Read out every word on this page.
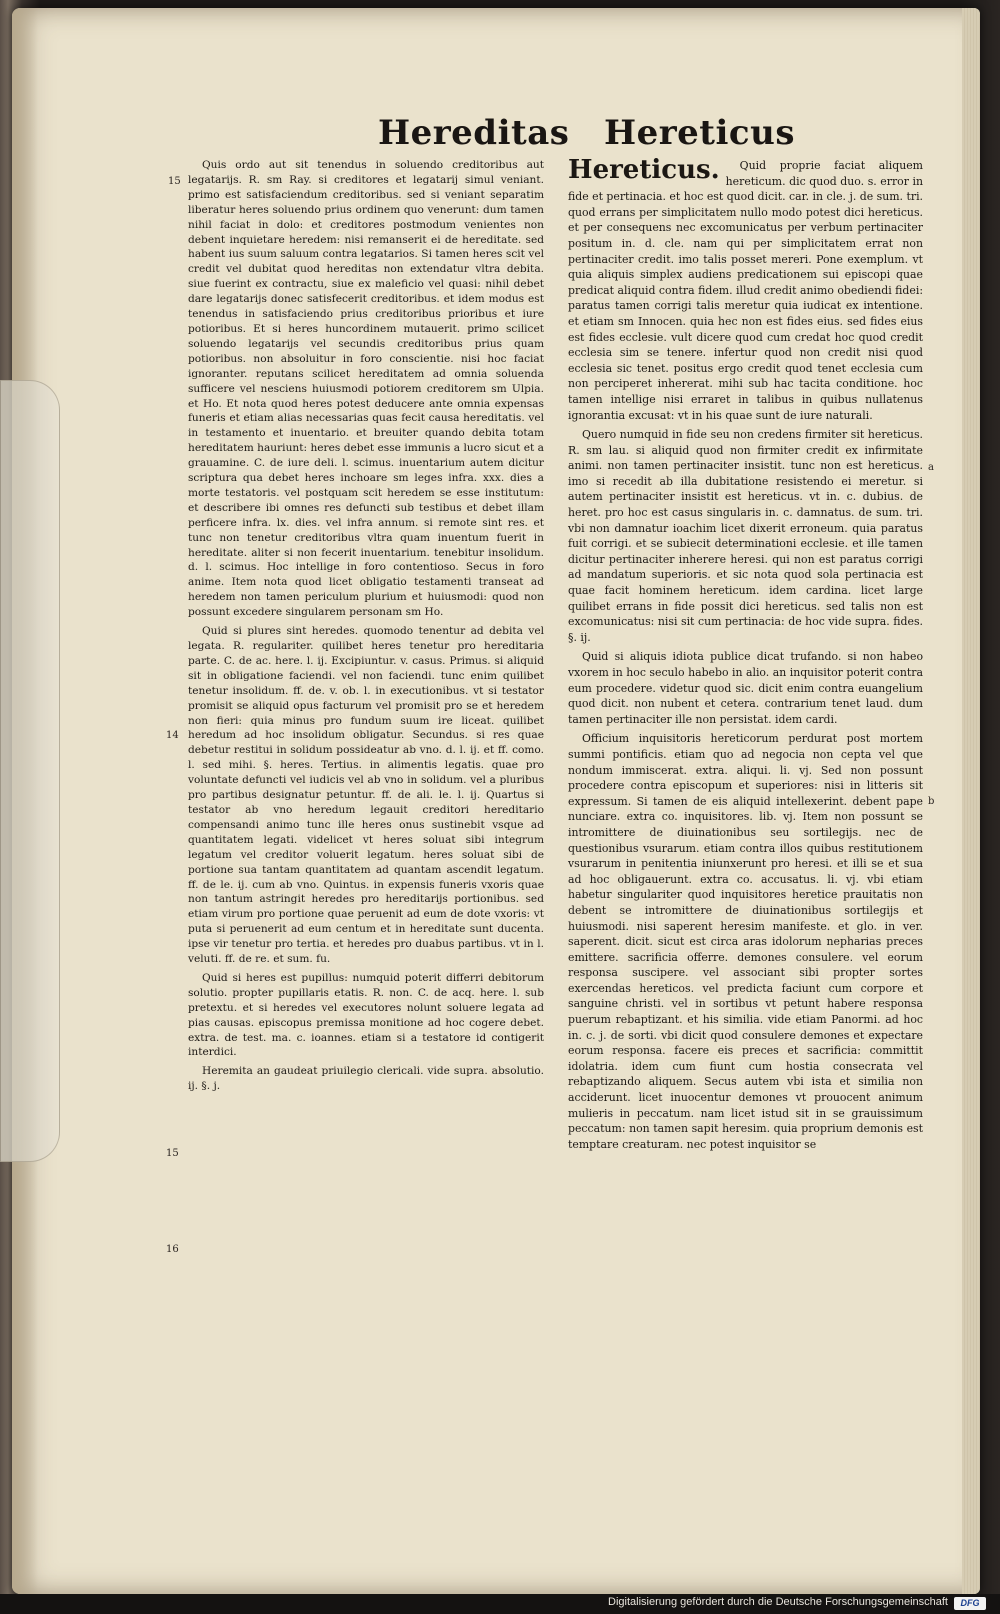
Hereditas Hereticus
15
14
15
16
a
b

Quis ordo aut sit tenendus in soluendo creditoribus aut legatarijs. R. sm Ray. si creditores et legatarij simul veniant. primo est satisfaciendum creditoribus. sed si veniant separatim liberatur heres soluendo prius ordinem quo venerunt: dum tamen nihil faciat in dolo: et creditores postmodum venientes non debent inquietare heredem: nisi remanserit ei de hereditate. sed habent ius suum saluum contra legatarios. Si tamen heres scit vel credit vel dubitat quod hereditas non extendatur vltra debita. siue fuerint ex contractu, siue ex maleficio vel quasi: nihil debet dare legatarijs donec satisfecerit creditoribus. et idem modus est tenendus in satisfaciendo prius creditoribus prioribus et iure potioribus. Et si heres huncordinem mutauerit. primo scilicet soluendo legatarijs vel secundis creditoribus prius quam potioribus. non absoluitur in foro conscientie. nisi hoc faciat ignoranter. reputans scilicet hereditatem ad omnia soluenda sufficere vel nesciens huiusmodi potiorem creditorem sm Ulpia. et Ho. Et nota quod heres potest deducere ante omnia expensas funeris et etiam alias necessarias quas fecit causa hereditatis. vel in testamento et inuentario. et breuiter quando debita totam hereditatem hauriunt: heres debet esse immunis a lucro sicut et a grauamine. C. de iure deli. l. scimus. inuentarium autem dicitur scriptura qua debet heres inchoare sm leges infra. xxx. dies a morte testatoris. vel postquam scit heredem se esse institutum: et describere ibi omnes res defuncti sub testibus et debet illam perficere infra. lx. dies. vel infra annum. si remote sint res. et tunc non tenetur creditoribus vltra quam inuentum fuerit in hereditate. aliter si non fecerit inuentarium. tenebitur insolidum. d. l. scimus. Hoc intellige in foro contentioso. Secus in foro anime. Item nota quod licet obligatio testamenti transeat ad heredem non tamen periculum plurium et huiusmodi: quod non possunt excedere singularem personam sm Ho.

Quid si plures sint heredes. quomodo tenentur ad debita vel legata. R. regulariter. quilibet heres tenetur pro hereditaria parte. C. de ac. here. l. ij. Excipiuntur. v. casus. Primus. si aliquid sit in obligatione faciendi. vel non faciendi. tunc enim quilibet tenetur insolidum. ff. de. v. ob. l. in executionibus. vt si testator promisit se aliquid opus facturum vel promisit pro se et heredem non fieri: quia minus pro fundum suum ire liceat. quilibet heredum ad hoc insolidum obligatur. Secundus. si res quae debetur restitui in solidum possideatur ab vno. d. l. ij. et ff. como. l. sed mihi. §. heres. Tertius. in alimentis legatis. quae pro voluntate defuncti vel iudicis vel ab vno in solidum. vel a pluribus pro partibus designatur petuntur. ff. de ali. le. l. ij. Quartus si testator ab vno heredum legauit creditori hereditario compensandi animo tunc ille heres onus sustinebit vsque ad quantitatem legati. videlicet vt heres soluat sibi integrum legatum vel creditor voluerit legatum. heres soluat sibi de portione sua tantam quantitatem ad quantam ascendit legatum. ff. de le. ij. cum ab vno. Quintus. in expensis funeris vxoris quae non tantum astringit heredes pro hereditarijs portionibus. sed etiam virum pro portione quae peruenit ad eum de dote vxoris: vt puta si peruenerit ad eum centum et in hereditate sunt ducenta. ipse vir tenetur pro tertia. et heredes pro duabus partibus. vt in l. veluti. ff. de re. et sum. fu.

Quid si heres est pupillus: numquid poterit differri debitorum solutio. propter pupillaris etatis. R. non. C. de acq. here. l. sub pretextu. et si heredes vel executores nolunt soluere legata ad pias causas. episcopus premissa monitione ad hoc cogere debet. extra. de test. ma. c. ioannes. etiam si a testatore id contigerit interdici.

Heremita an gaudeat priuilegio clericali. vide supra. absolutio. ij. §. j.

Hereticus.	Quid proprie faciat aliquem hereticum. dic quod duo. s. error in fide et pertinacia. et hoc est quod dicit. car. in cle. j. de sum. tri. quod errans per simplicitatem nullo modo potest dici hereticus. et per consequens nec excomunicatus per verbum pertinaciter positum in. d. cle. nam qui per simplicitatem errat non pertinaciter credit. imo talis posset mereri. Pone exemplum. vt quia aliquis simplex audiens predicationem sui episcopi quae predicat aliquid contra fidem. illud credit animo obediendi fidei: paratus tamen corrigi talis meretur quia iudicat ex intentione. et etiam sm Innocen. quia hec non est fides eius. sed fides eius est fides ecclesie. vult dicere quod cum credat hoc quod credit ecclesia sim se tenere. infertur quod non credit nisi quod ecclesia sic tenet. positus ergo credit quod tenet ecclesia cum non perciperet inhererat. mihi sub hac tacita conditione. hoc tamen intellige nisi erraret in talibus in quibus nullatenus ignorantia excusat: vt in his quae sunt de iure naturali.

Quero numquid in fide seu non credens firmiter sit hereticus. R. sm lau. si aliquid quod non firmiter credit ex infirmitate animi. non tamen pertinaciter insistit. tunc non est hereticus. imo si recedit ab illa dubitatione resistendo ei meretur. si autem pertinaciter insistit est hereticus. vt in. c. dubius. de heret. pro hoc est casus singularis in. c. damnatus. de sum. tri. vbi non damnatur ioachim licet dixerit erroneum. quia paratus fuit corrigi. et se subiecit determinationi ecclesie. et ille tamen dicitur pertinaciter inherere heresi. qui non est paratus corrigi ad mandatum superioris. et sic nota quod sola pertinacia est quae facit hominem hereticum. idem cardina. licet large quilibet errans in fide possit dici hereticus. sed talis non est excomunicatus: nisi sit cum pertinacia: de hoc vide supra. fides. §. ij.

Quid si aliquis idiota publice dicat trufando. si non habeo vxorem in hoc seculo habebo in alio. an inquisitor poterit contra eum procedere. videtur quod sic. dicit enim contra euangelium quod dicit. non nubent et cetera. contrarium tenet laud. dum tamen pertinaciter ille non persistat. idem cardi.

Officium inquisitoris hereticorum perdurat post mortem summi pontificis. etiam quo ad negocia non cepta vel que nondum immiscerat. extra. aliqui. li. vj. Sed non possunt procedere contra episcopum et superiores: nisi in litteris sit expressum. Si tamen de eis aliquid intellexerint. debent pape nunciare. extra co. inquisitores. lib. vj. Item non possunt se intromittere de diuinationibus seu sortilegijs. nec de questionibus vsurarum. etiam contra illos quibus restitutionem vsurarum in penitentia iniunxerunt pro heresi. et illi se et sua ad hoc obligauerunt. extra co. accusatus. li. vj. vbi etiam habetur singulariter quod inquisitores heretice prauitatis non debent se intromittere de diuinationibus sortilegijs et huiusmodi. nisi saperent heresim manifeste. et glo. in ver. saperent. dicit. sicut est circa aras idolorum nepharias preces emittere. sacrificia offerre. demones consulere. vel eorum responsa suscipere. vel associant sibi propter sortes exercendas hereticos. vel predicta faciunt cum corpore et sanguine christi. vel in sortibus vt petunt habere responsa puerum rebaptizant. et his similia. vide etiam Panormi. ad hoc in. c. j. de sorti. vbi dicit quod consulere demones et expectare eorum responsa. facere eis preces et sacrificia: committit idolatria. idem cum fiunt cum hostia consecrata vel rebaptizando aliquem. Secus autem vbi ista et similia non acciderunt. licet inuocentur demones vt prouocent animum mulieris in peccatum. nam licet istud sit in se grauissimum peccatum: non tamen sapit heresim. quia proprium demonis est temptare creaturam. nec potest inquisitor se

Digitalisierung gefördert durch die Deutsche Forschungsgemeinschaft	DFG
